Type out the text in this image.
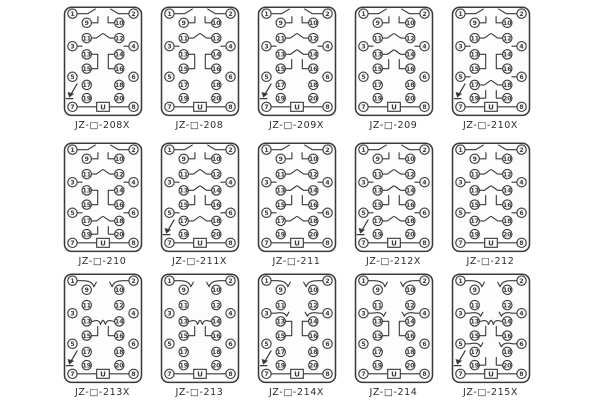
U
1
3
5
7
2
4
6
8
9
11
13
15
17
19
10
12
14
16
18
20
JZ-□-208X
U
1
3
5
7
2
4
6
8
9
11
13
15
17
19
10
12
14
16
18
20
JZ-□-208
U
1
3
5
7
2
4
6
8
9
11
13
15
17
19
10
12
14
16
18
20
JZ-□-209X
U
1
3
5
7
2
4
6
8
9
11
13
15
17
19
10
12
14
16
18
20
JZ-□-209
U
1
3
5
7
2
4
6
8
9
11
13
15
17
19
10
12
14
16
18
20
JZ-□-210X
U
1
3
5
7
2
4
6
8
9
11
13
15
17
19
10
12
14
16
18
20
JZ-□-210
U
1
3
5
7
2
4
6
8
9
11
13
15
17
19
10
12
14
16
18
20
JZ-□-211X
U
1
3
5
7
2
4
6
8
9
11
13
15
17
19
10
12
14
16
18
20
JZ-□-211
U
1
3
5
7
2
4
6
8
9
11
13
15
17
19
10
12
14
16
18
20
JZ-□-212X
U
1
3
5
7
2
4
6
8
9
11
13
15
17
19
10
12
14
16
18
20
JZ-□-212
U
1
3
5
7
2
4
6
8
9
11
13
15
17
19
10
12
14
16
18
20
JZ-□-213X
U
1
3
5
7
2
4
6
8
9
11
13
15
17
19
10
12
14
16
18
20
JZ-□-213
U
1
3
5
7
2
4
6
8
9
11
13
15
17
19
10
12
14
16
18
20
JZ-□-214X
U
1
3
5
7
2
4
6
8
9
11
13
15
17
19
10
12
14
16
18
20
JZ-□-214
U
1
3
5
7
2
4
6
8
9
11
13
15
17
19
10
12
14
16
18
20
JZ-□-215X
